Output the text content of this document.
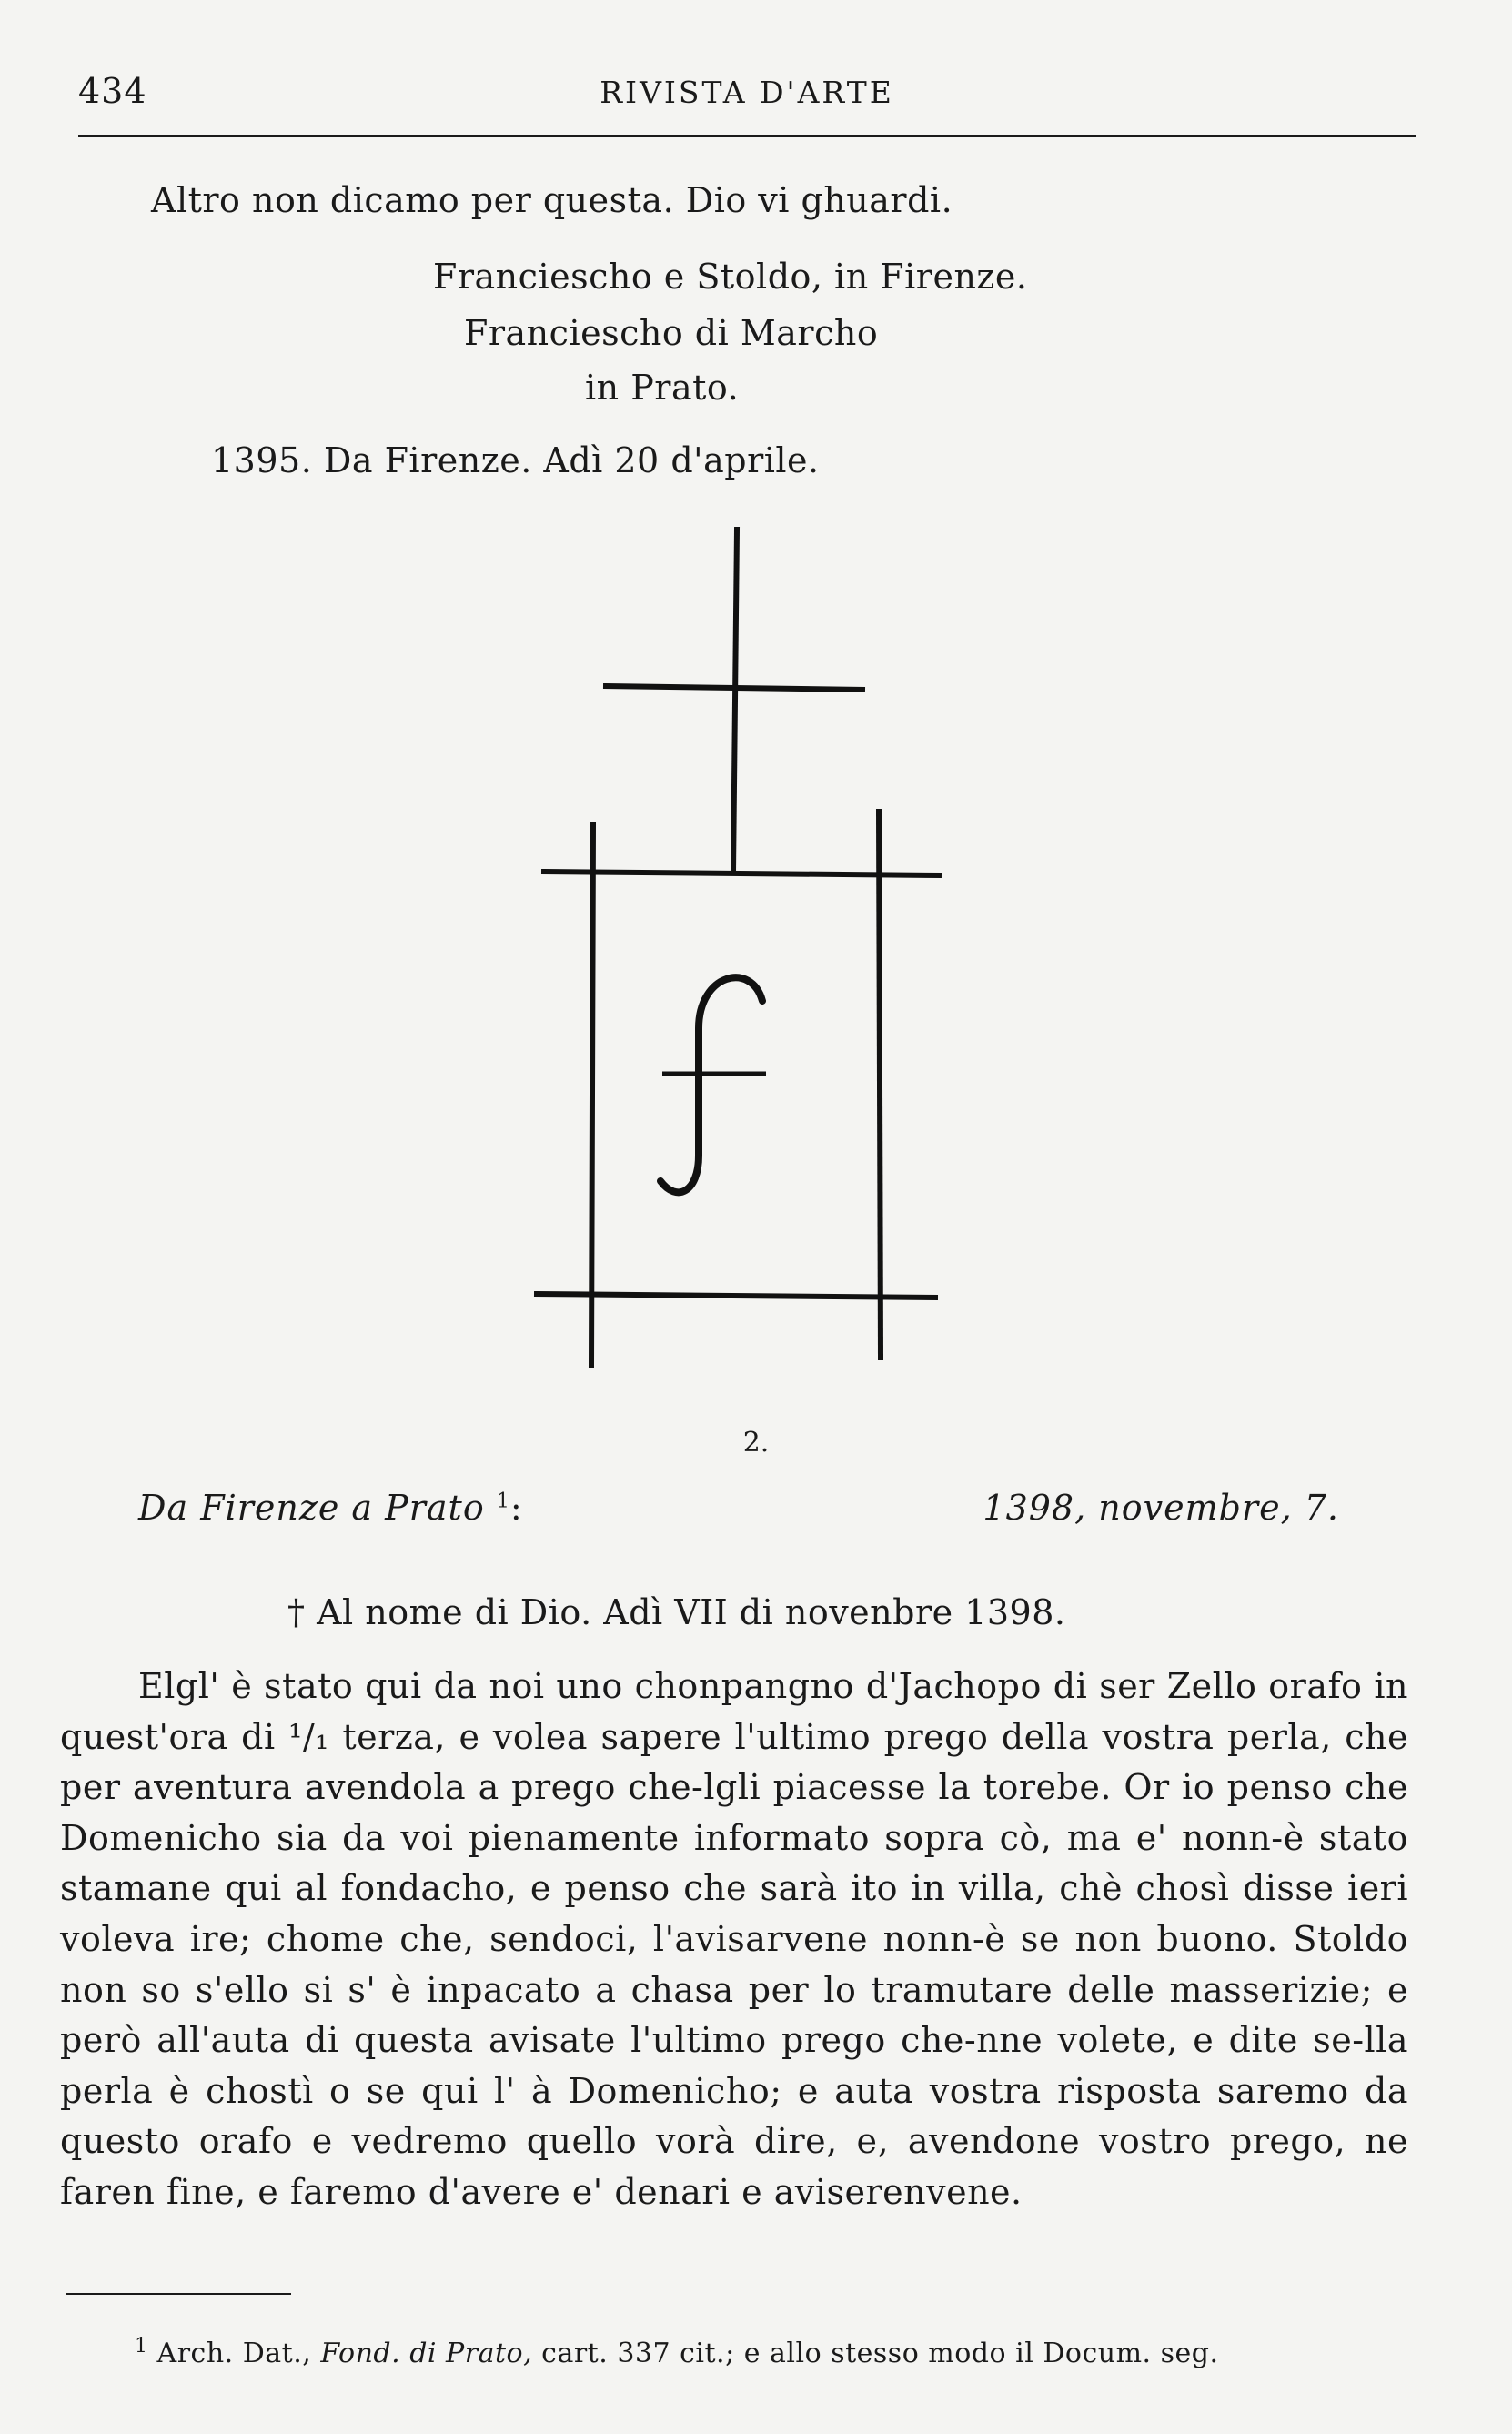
434	RIVISTA D'ARTE
Altro non dicamo per questa. Dio vi ghuardi.
Franciescho e Stoldo, in Firenze.
Franciescho di Marcho
in Prato.
1395. Da Firenze. Adì 20 d'aprile.
f
2.
Da Firenze a Prato $^1$:	1398, novembre, 7.
† Al nome di Dio. Adì VII di novenbre 1398.
Elgl' è stato qui da noi uno chonpangno d'Jachopo di ser Zello orafo in quest'ora di ¹/₁ terza, e volea sapere l'ultimo prego della vostra perla, che per aventura avendola a prego che-lgli piacesse la torebe. Or io penso che Domenicho sia da voi pienamente informato sopra cò, ma e' nonn-è stato stamane qui al fondacho, e penso che sarà ito in villa, chè chosì disse ieri voleva ire; chome che, sendoci, l'avisarvene nonn-è se non buono. Stoldo non so s'ello si s' è inpacato a chasa per lo tramutare delle masserizie; e però all'auta di questa avisate l'ultimo prego che-nne volete, e dite se-lla perla è chostì o se qui l' à Domenicho; e auta vostra risposta saremo da questo orafo e vedremo quello vorà dire, e, avendone vostro prego, ne faren fine, e faremo d'avere e' denari e aviserenvene.
$^1$ Arch. Dat., Fond. di Prato, cart. 337 cit.; e allo stesso modo il Docum. seg.
